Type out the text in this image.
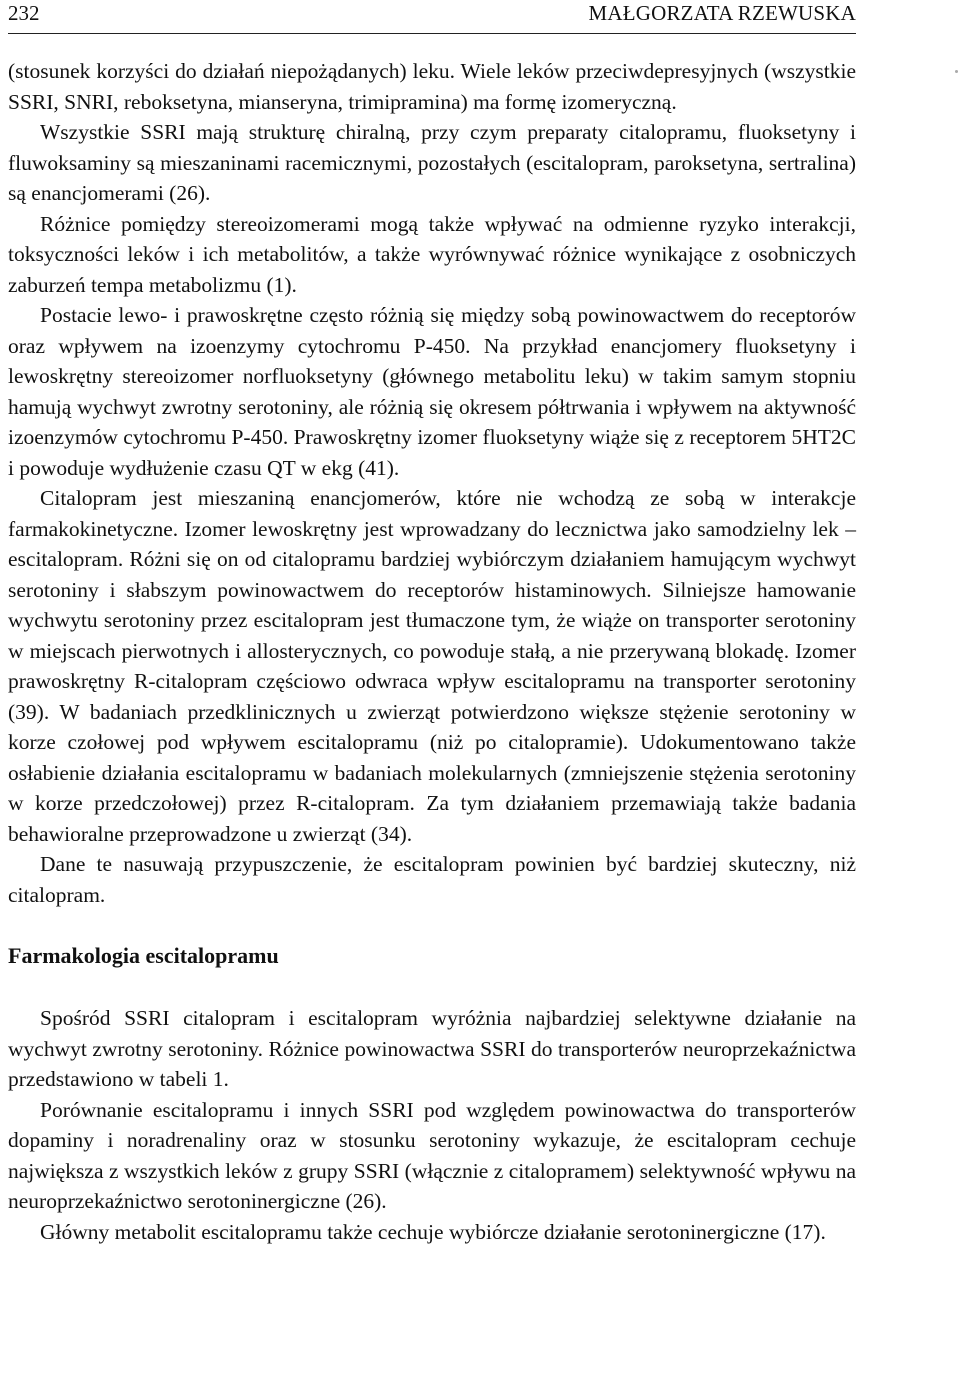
232	MAŁGORZATA RZEWUSKA

(stosunek korzyści do działań niepożądanych) leku. Wiele leków przeciwdepresyjnych (wszystkie SSRI, SNRI, reboksetyna, mianseryna, trimipramina) ma formę izomeryczną.

Wszystkie SSRI mają strukturę chiralną, przy czym preparaty citalopramu, fluoksetyny i fluwoksaminy są mieszaninami racemicznymi, pozostałych (escitalopram, paroksetyna, sertralina) są enancjomerami (26).

Różnice pomiędzy stereoizomerami mogą także wpływać na odmienne ryzyko interakcji, toksyczności leków i ich metabolitów, a także wyrównywać różnice wynikające z osobniczych zaburzeń tempa metabolizmu (1).

Postacie lewo- i prawoskrętne często różnią się między sobą powinowactwem do receptorów oraz wpływem na izoenzymy cytochromu P-450. Na przykład enancjomery fluoksetyny i lewoskrętny stereoizomer norfluoksetyny (głównego metabolitu leku) w takim samym stopniu hamują wychwyt zwrotny serotoniny, ale różnią się okresem półtrwania i wpływem na aktywność izoenzymów cytochromu P-450. Prawoskrętny izomer fluoksetyny wiąże się z receptorem 5HT2C i powoduje wydłużenie czasu QT w ekg (41).

Citalopram jest mieszaniną enancjomerów, które nie wchodzą ze sobą w interakcje farmakokinetyczne. Izomer lewoskrętny jest wprowadzany do lecznictwa jako samodzielny lek – escitalopram. Różni się on od citalopramu bardziej wybiórczym działaniem hamującym wychwyt serotoniny i słabszym powinowactwem do receptorów histaminowych. Silniejsze hamowanie wychwytu serotoniny przez escitalopram jest tłumaczone tym, że wiąże on transporter serotoniny w miejscach pierwotnych i allosterycznych, co powoduje stałą, a nie przerywaną blokadę. Izomer prawoskrętny R-citalopram częściowo odwraca wpływ escitalopramu na transporter serotoniny (39). W badaniach przedklinicznych u zwierząt potwierdzono większe stężenie serotoniny w korze czołowej pod wpływem escitalopramu (niż po citalopramie). Udokumentowano także osłabienie działania escitalopramu w badaniach molekularnych (zmniejszenie stężenia serotoniny w korze przedczołowej) przez R-citalopram. Za tym działaniem przemawiają także badania behawioralne przeprowadzone u zwierząt (34).

Dane te nasuwają przypuszczenie, że escitalopram powinien być bardziej skuteczny, niż citalopram.

Farmakologia escitalopramu

Spośród SSRI citalopram i escitalopram wyróżnia najbardziej selektywne działanie na wychwyt zwrotny serotoniny. Różnice powinowactwa SSRI do transporterów neuroprzekaźnictwa przedstawiono w tabeli 1.

Porównanie escitalopramu i innych SSRI pod względem powinowactwa do transporterów dopaminy i noradrenaliny oraz w stosunku serotoniny wykazuje, że escitalopram cechuje największa z wszystkich leków z grupy SSRI (włącznie z citalopramem) selektywność wpływu na neuroprzekaźnictwo serotoninergiczne (26).

Główny metabolit escitalopramu także cechuje wybiórcze działanie serotoninergiczne (17).
